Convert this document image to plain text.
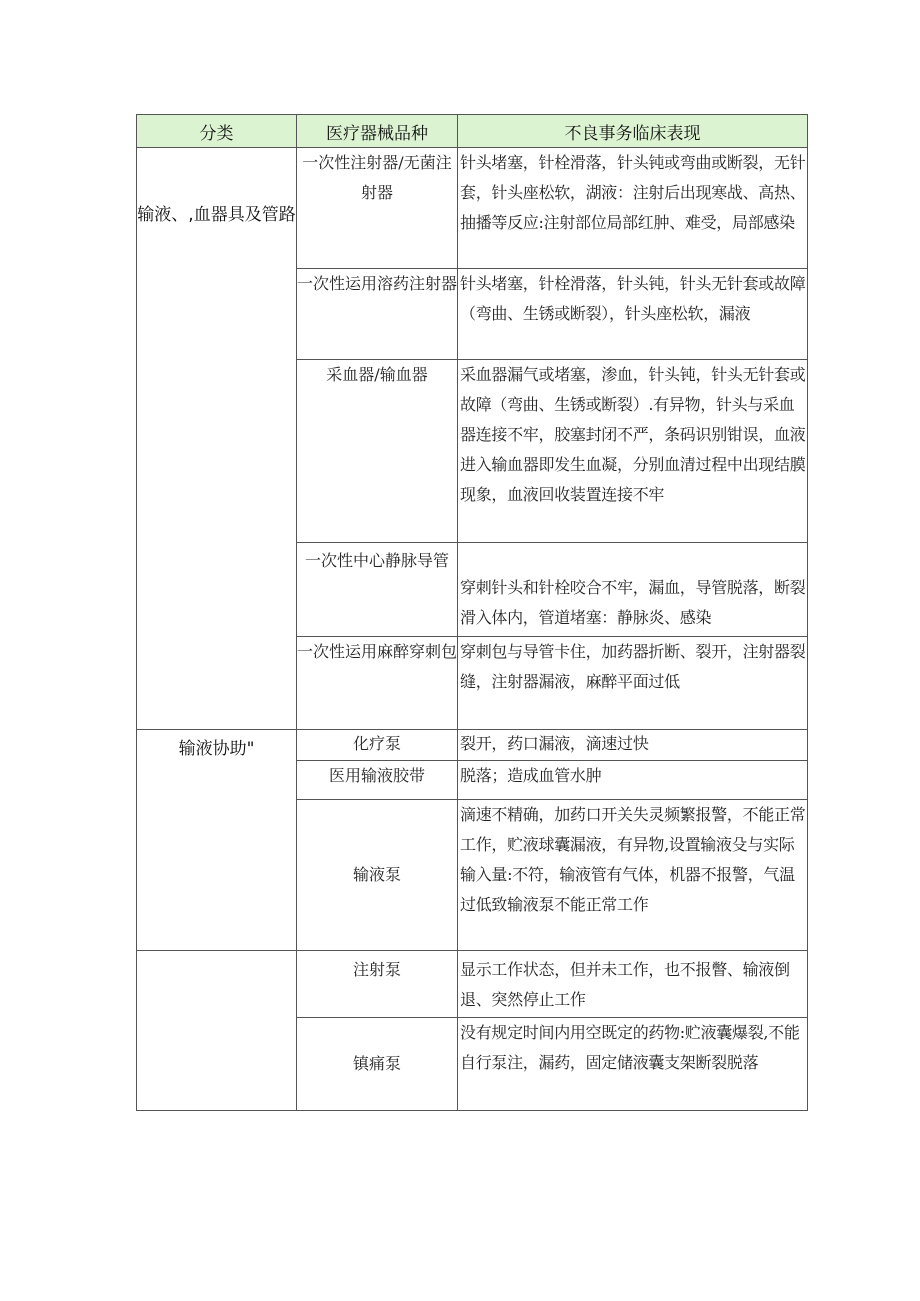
分类	医疗器械品种	不良事务临床表现
输液、,血器具及管路	一次性注射器/无菌注射器	针头堵塞，针栓滑落，针头钝或弯曲或断裂，无针套，针头座松软，湖液：注射后出现寒战、高热、抽播等反应:注射部位局部红肿、难受，局部感染
	一次性运用溶药注射器	针头堵塞，针栓滑落，针头钝，针头无针套或故障（弯曲、生锈或断裂），针头座松软，漏液
	采血器/输血器	采血器漏气或堵塞，渗血，针头钝，针头无针套或故障（弯曲、生锈或断裂）.有异物，针头与采血器连接不牢，胶塞封闭不严，条码识别钳误，血液进入输血器即发生血凝，分别血清过程中出现结膜现象，血液回收装置连接不牢
	一次性中心静脉导管	穿刺针头和针栓咬合不牢，漏血，导管脱落，断裂滑入体内，管道堵塞：静脉炎、感染
	一次性运用麻醉穿刺包	穿刺包与导管卡住，加药器折断、裂开，注射器裂缝，注射器漏液，麻醉平面过低
输液协助"	化疗泵	裂开，药口漏液，滴速过快
	医用输液胶带	脱落；造成血管水肿
	输液泵	滴速不精确，加药口开关失灵频繁报警，不能正常工作，贮液球囊漏液，有异物,设置输液殳与实际输入量:不符，输液管有气体，机器不报警，气温过低致输液泵不能正常工作
	注射泵	显示工作状态，但并未工作，也不报瞥、输液倒退、突然停止工作
	镇痛泵	没有规定时间内用空既定的药物:贮液囊爆裂,不能自行泵注，漏药，固定储液囊支架断裂脱落
